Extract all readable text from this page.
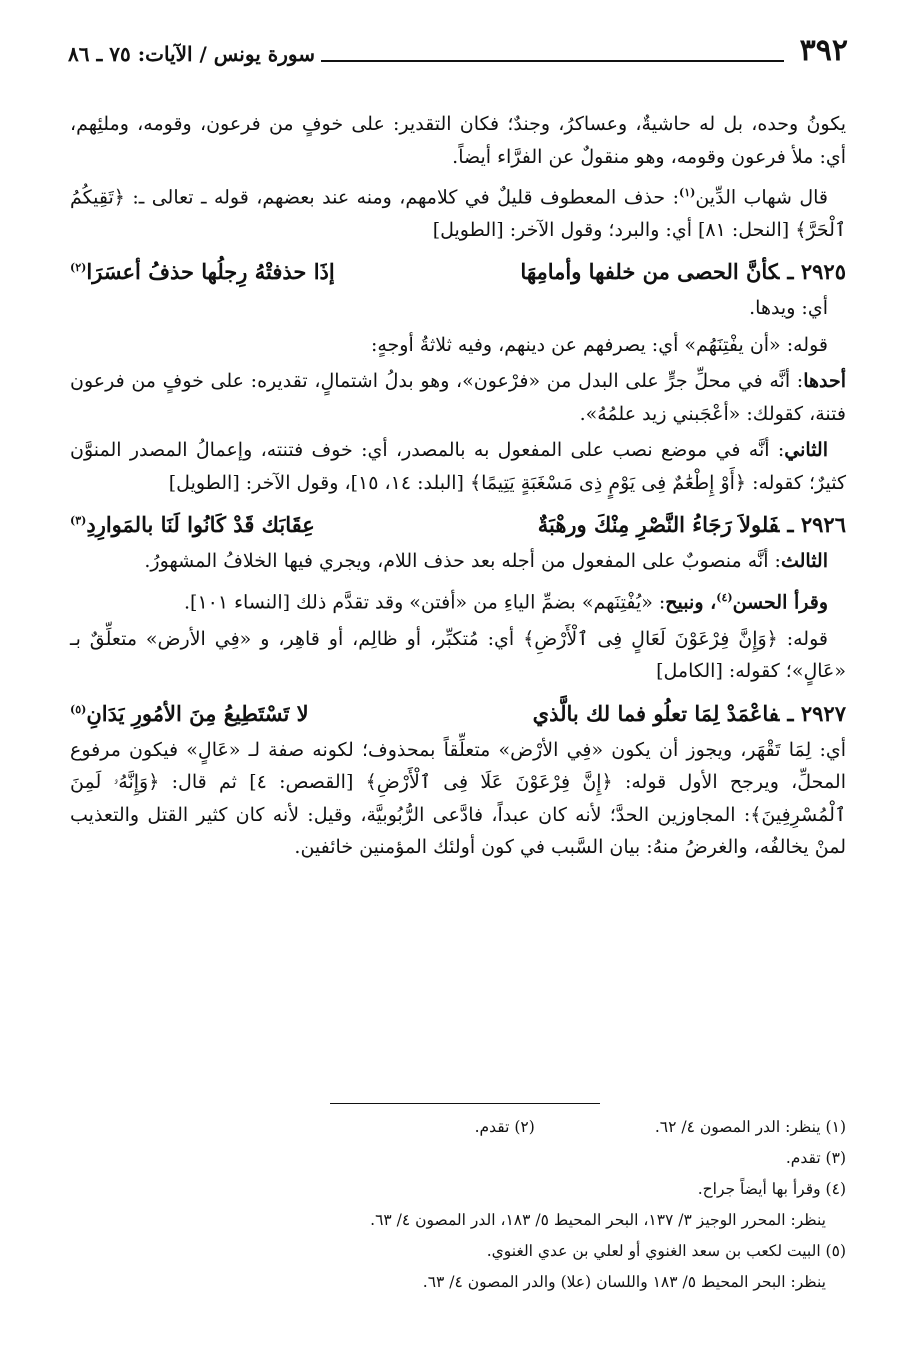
٣٩٢
سورة يونس / الآيات: ٧٥ ـ ٨٦

يكونُ وحده، بل له حاشيةٌ، وعساكرُ، وجندٌ؛ فكان التقدير: على خوفٍ من فرعون، وقومه، وملئِهم، أي: ملأ فرعون وقومه، وهو منقولٌ عن الفرَّاء أيضاً.

قال شهاب الدِّين$^{(١)}$: حذف المعطوف قليلٌ في كلامهم، ومنه عند بعضهم، قوله ـ تعالى ـ: ﴿تَقِيكُمُ ٱلْحَرَّ﴾ [النحل: ٨١] أي: والبرد؛ وقول الآخر: [الطويل]

٢٩٢٥ ـكأنَّ الحصى من خلفها وأمامِهَا
إذَا حذفتْهُ رِجلُها حذفُ أعسَرَا$^{(٢)}$

أي: ويدها.

قوله: «أن يفْتِنَهُم» أي: يصرفهم عن دينهم، وفيه ثلاثةُ أوجهٍ:

أحدها: أنَّه في محلِّ جرٍّ على البدل من «فرْعون»، وهو بدلُ اشتمالٍ، تقديره: على خوفٍ من فرعون فتنة، كقولك: «أعْجَبني زيد علمُهُ».

الثاني: أنَّه في موضع نصب على المفعول به بالمصدر، أي: خوف فتنته، وإعمالُ المصدر المنوَّن كثيرٌ؛ كقوله: ﴿أَوْ إِطْعَٰمٌ فِى يَوْمٍ ذِى مَسْغَبَةٍ يَتِيمًا﴾ [البلد: ١٤، ١٥]، وقول الآخر: [الطويل]

٢٩٢٦ ـفَلولاَ رَجَاءُ النَّصْرِ مِنْكَ ورهْبَةٌ
عِقَابَك قَدْ كَانُوا لَنَا بالمَوارِدِ$^{(٣)}$

الثالث: أنَّه منصوبٌ على المفعول من أجله بعد حذف اللام، ويجري فيها الخلافُ المشهورُ.

وقرأ الحسن$^{(٤)}$، ونبيح: «يُفْتِنَهم» بضمِّ الياءِ من «أفتن» وقد تقدَّم ذلك [النساء ١٠١].

قوله: ﴿وَإِنَّ فِرْعَوْنَ لَعَالٍ فِى ٱلْأَرْضِ﴾ أي: مُتكبِّر، أو ظالِم، أو قاهِر، و «فِي الأرض» متعلِّقٌ بـ «عَالٍ»؛ كقوله: [الكامل]

٢٩٢٧ ـفاعْمَدْ لِمَا تعلُو فما لك بالَّذي
لا تَسْتَطِيعُ مِنَ الأمُورِ يَدَانِ$^{(٥)}$

أي: لِمَا تَقْهَر، ويجوز أن يكون «فِي الأرْض» متعلِّقاً بمحذوف؛ لكونه صفة لـ «عَالٍ» فيكون مرفوع المحلِّ، ويرجح الأول قوله: ﴿إِنَّ فِرْعَوْنَ عَلَا فِى ٱلْأَرْضِ﴾ [القصص: ٤] ثم قال: ﴿وَإِنَّهُۥ لَمِنَ ٱلْمُسْرِفِينَ﴾: المجاوزين الحدَّ؛ لأنه كان عبداً، فادَّعى الرُّبُوبيَّة، وقيل: لأنه كان كثير القتل والتعذيب لمنْ يخالفُه، والغرضُ منهُ: بيان السَّبب في كون أولئك المؤمنين خائفين.

(١) ينظر: الدر المصون ٤/ ٦٢.
(٢) تقدم.
(٣) تقدم.
(٤) وقرأ بها أيضاً جراح.
ينظر: المحرر الوجيز ٣/ ١٣٧، البحر المحيط ٥/ ١٨٣، الدر المصون ٤/ ٦٣.
(٥) البيت لكعب بن سعد الغنوي أو لعلي بن عدي الغنوي.
ينظر: البحر المحيط ٥/ ١٨٣ واللسان (علا) والدر المصون ٤/ ٦٣.
